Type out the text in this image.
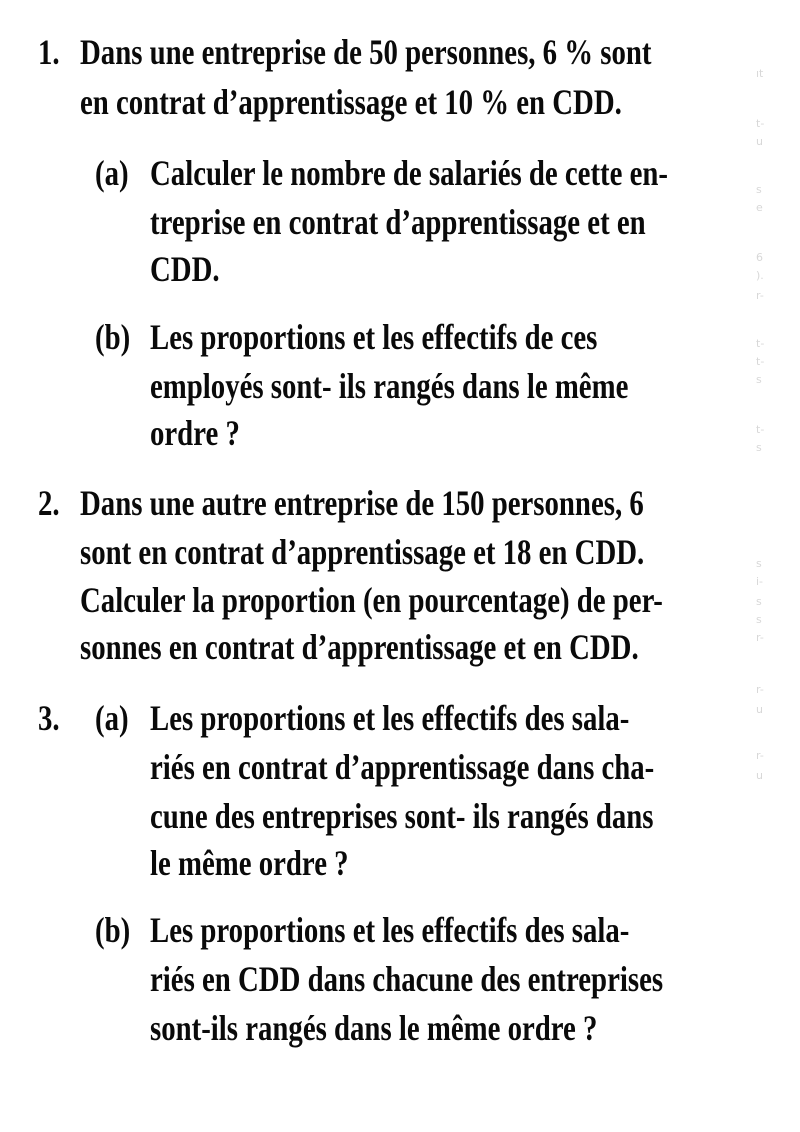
1. Dans une entreprise de 50 personnes, 6 % sont

en contrat d’apprentissage et 10 % en CDD.

(a) Calculer le nombre de salariés de cette en-

treprise en contrat d’apprentissage et en

CDD.

(b) Les proportions et les effectifs de ces

employés sont- ils rangés dans le même

ordre ?

2. Dans une autre entreprise de 150 personnes, 6

sont en contrat d’apprentissage et 18 en CDD.

Calculer la proportion (en pourcentage) de per-

sonnes en contrat d’apprentissage et en CDD.

3. (a) Les proportions et les effectifs des sala-

riés en contrat d’apprentissage dans cha-

cune des entreprises sont- ils rangés dans

le même ordre ?

(b) Les proportions et les effectifs des sala-

riés en CDD dans chacune des entreprises

sont-ils rangés dans le même ordre ?

ıt
t-
u
s
e
6
).
r-
t-
t-
s
t-
s
s
i-
s
s
r-
r-
u
r-
u
